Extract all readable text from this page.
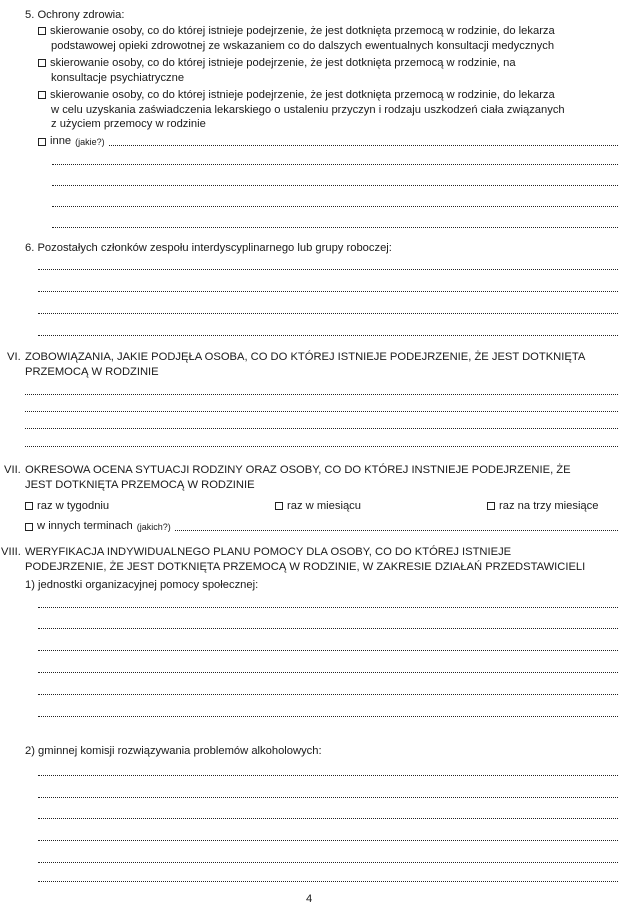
5. Ochrony zdrowia:
skierowanie osoby, co do której istnieje podejrzenie, że jest dotknięta przemocą w rodzinie, do lekarza
podstawowej opieki zdrowotnej ze wskazaniem co do dalszych ewentualnych konsultacji medycznych
skierowanie osoby, co do której istnieje podejrzenie, że jest dotknięta przemocą w rodzinie, na
konsultacje psychiatryczne
skierowanie osoby, co do której istnieje podejrzenie, że jest dotknięta przemocą w rodzinie, do lekarza
w celu uzyskania zaświadczenia lekarskiego o ustaleniu przyczyn i rodzaju uszkodzeń ciała związanych
z użyciem przemocy w rodzinie
inne (jakie?)
6. Pozostałych członków zespołu interdyscyplinarnego lub grupy roboczej:
VI. ZOBOWIĄZANIA, JAKIE PODJĘŁA OSOBA, CO DO KTÓREJ ISTNIEJE PODEJRZENIE, ŻE JEST DOTKNIĘTA
PRZEMOCĄ W RODZINIE
VII. OKRESOWA OCENA SYTUACJI RODZINY ORAZ OSOBY, CO DO KTÓREJ INSTNIEJE PODEJRZENIE, ŻE
JEST DOTKNIĘTA PRZEMOCĄ W RODZINIE
raz w tygodniu	raz w miesiącu	raz na trzy miesiące
w innych terminach (jakich?)
VIII. WERYFIKACJA INDYWIDUALNEGO PLANU POMOCY DLA OSOBY, CO DO KTÓREJ ISTNIEJE
PODEJRZENIE, ŻE JEST DOTKNIĘTA PRZEMOCĄ W RODZINIE, W ZAKRESIE DZIAŁAŃ PRZEDSTAWICIELI
1) jednostki organizacyjnej pomocy społecznej:
2) gminnej komisji rozwiązywania problemów alkoholowych:
4
